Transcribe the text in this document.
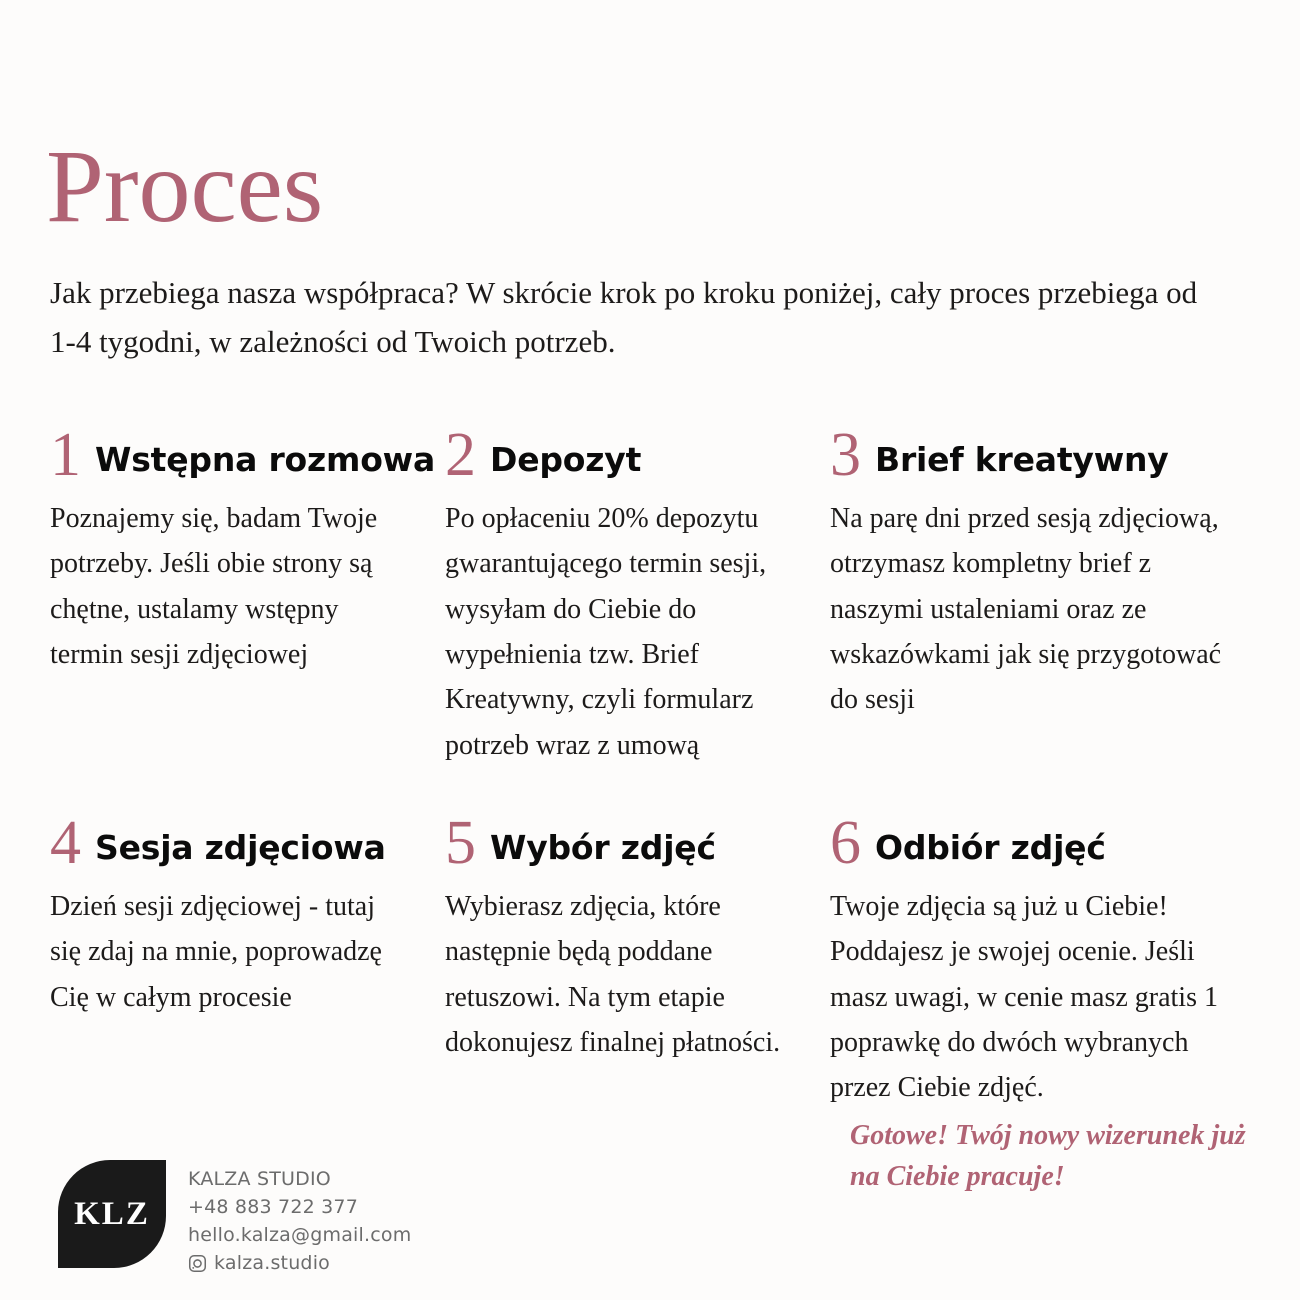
Proces

Jak przebiega nasza współpraca? W skrócie krok po kroku poniżej, cały proces przebiega od 1-4 tygodni, w zależności od Twoich potrzeb.

1 Wstępna rozmowa
Poznajemy się, badam Twoje potrzeby. Jeśli obie strony są chętne, ustalamy wstępny termin sesji zdjęciowej
2 Depozyt
Po opłaceniu 20% depozytu gwarantującego termin sesji, wysyłam do Ciebie do wypełnienia tzw. Brief Kreatywny, czyli formularz potrzeb wraz z umową
3 Brief kreatywny
Na parę dni przed sesją zdjęciową, otrzymasz kompletny brief z naszymi ustaleniami oraz ze wskazówkami jak się przygotować do sesji
4 Sesja zdjęciowa
Dzień sesji zdjęciowej - tutaj się zdaj na mnie, poprowadzę Cię w całym procesie
5 Wybór zdjęć
Wybierasz zdjęcia, które następnie będą poddane retuszowi. Na tym etapie dokonujesz finalnej płatności.
6 Odbiór zdjęć
Twoje zdjęcia są już u Ciebie! Poddajesz je swojej ocenie. Jeśli masz uwagi, w cenie masz gratis 1 poprawkę do dwóch wybranych przez Ciebie zdjęć.
Gotowe! Twój nowy wizerunek już na Ciebie pracuje!
KLZ
KALZA STUDIO
+48 883 722 377
hello.kalza@gmail.com
kalza.studio
